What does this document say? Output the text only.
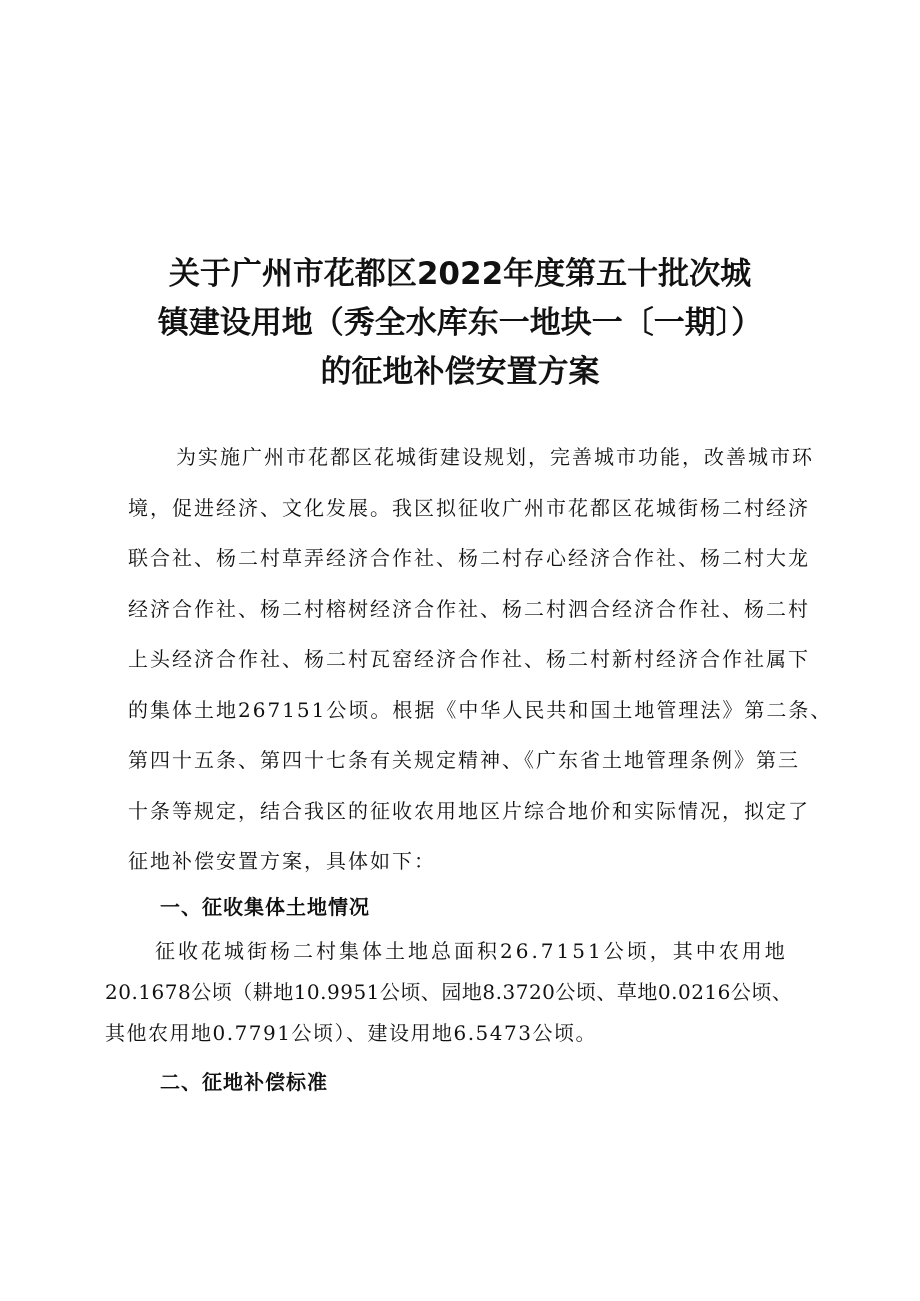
关于广州市花都区2022年度第五十批次城
镇建设用地（秀全水库东一地块一〔一期〕）
的征地补偿安置方案
为实施广州市花都区花城街建设规划，完善城市功能，改善城市环
境，促进经济、文化发展。我区拟征收广州市花都区花城街杨二村经济
联合社、杨二村草弄经济合作社、杨二村存心经济合作社、杨二村大龙
经济合作社、杨二村榕树经济合作社、杨二村泗合经济合作社、杨二村
上头经济合作社、杨二村瓦窑经济合作社、杨二村新村经济合作社属下
的集体土地267151公顷。根据《中华人民共和国土地管理法》第二条、
第四十五条、第四十七条有关规定精神、《广东省土地管理条例》第三
十条等规定，结合我区的征收农用地区片综合地价和实际情况，拟定了
征地补偿安置方案，具体如下：
一、征收集体土地情况
征收花城街杨二村集体土地总面积26.7151公顷，其中农用地
20.1678公顷（耕地10.9951公顷、园地8.3720公顷、草地0.0216公顷、
其他农用地0.7791公顷）、建设用地6.5473公顷。
二、征地补偿标准
